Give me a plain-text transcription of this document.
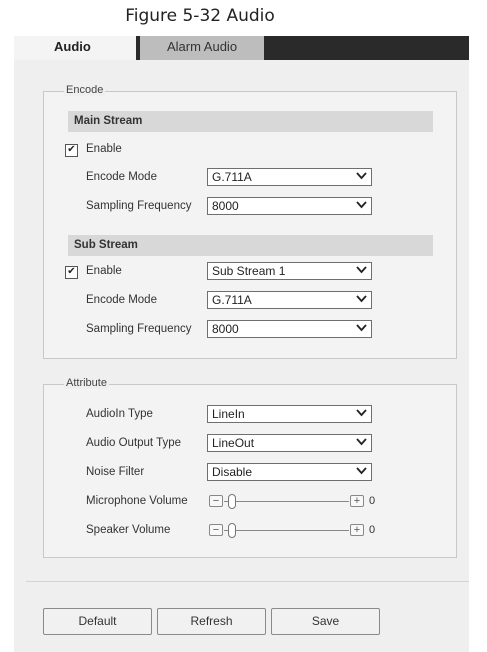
Figure 5-32 Audio
Audio	Alarm Audio
Encode
Main Stream
✔ Enable
Encode Mode	G.711A
Sampling Frequency	8000
Sub Stream
✔ Enable	Sub Stream 1
Encode Mode	G.711A
Sampling Frequency	8000
Attribute
AudioIn Type	LineIn
Audio Output Type	LineOut
Noise Filter	Disable
Microphone Volume	−	+ 0
Speaker Volume	−	+ 0
Default	Refresh	Save
